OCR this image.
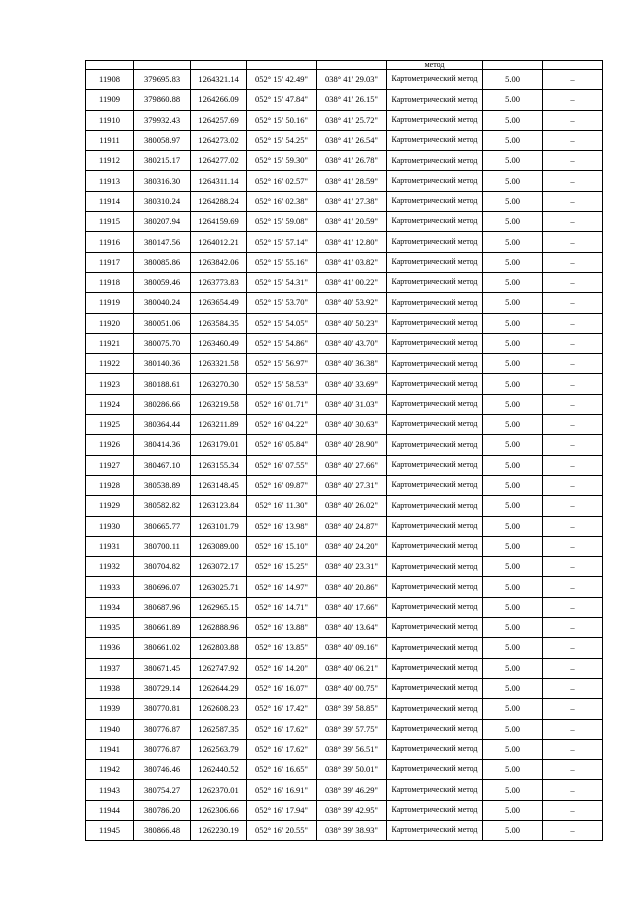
					метод		
11908	379695.83	1264321.14	052° 15' 42.49"	038° 41' 29.03"	Картометрический метод	5.00	–
11909	379860.88	1264266.09	052° 15' 47.84"	038° 41' 26.15"	Картометрический метод	5.00	–
11910	379932.43	1264257.69	052° 15' 50.16"	038° 41' 25.72"	Картометрический метод	5.00	–
11911	380058.97	1264273.02	052° 15' 54.25"	038° 41' 26.54"	Картометрический метод	5.00	–
11912	380215.17	1264277.02	052° 15' 59.30"	038° 41' 26.78"	Картометрический метод	5.00	–
11913	380316.30	1264311.14	052° 16' 02.57"	038° 41' 28.59"	Картометрический метод	5.00	–
11914	380310.24	1264288.24	052° 16' 02.38"	038° 41' 27.38"	Картометрический метод	5.00	–
11915	380207.94	1264159.69	052° 15' 59.08"	038° 41' 20.59"	Картометрический метод	5.00	–
11916	380147.56	1264012.21	052° 15' 57.14"	038° 41' 12.80"	Картометрический метод	5.00	–
11917	380085.86	1263842.06	052° 15' 55.16"	038° 41' 03.82"	Картометрический метод	5.00	–
11918	380059.46	1263773.83	052° 15' 54.31"	038° 41' 00.22"	Картометрический метод	5.00	–
11919	380040.24	1263654.49	052° 15' 53.70"	038° 40' 53.92"	Картометрический метод	5.00	–
11920	380051.06	1263584.35	052° 15' 54.05"	038° 40' 50.23"	Картометрический метод	5.00	–
11921	380075.70	1263460.49	052° 15' 54.86"	038° 40' 43.70"	Картометрический метод	5.00	–
11922	380140.36	1263321.58	052° 15' 56.97"	038° 40' 36.38"	Картометрический метод	5.00	–
11923	380188.61	1263270.30	052° 15' 58.53"	038° 40' 33.69"	Картометрический метод	5.00	–
11924	380286.66	1263219.58	052° 16' 01.71"	038° 40' 31.03"	Картометрический метод	5.00	–
11925	380364.44	1263211.89	052° 16' 04.22"	038° 40' 30.63"	Картометрический метод	5.00	–
11926	380414.36	1263179.01	052° 16' 05.84"	038° 40' 28.90"	Картометрический метод	5.00	–
11927	380467.10	1263155.34	052° 16' 07.55"	038° 40' 27.66"	Картометрический метод	5.00	–
11928	380538.89	1263148.45	052° 16' 09.87"	038° 40' 27.31"	Картометрический метод	5.00	–
11929	380582.82	1263123.84	052° 16' 11.30"	038° 40' 26.02"	Картометрический метод	5.00	–
11930	380665.77	1263101.79	052° 16' 13.98"	038° 40' 24.87"	Картометрический метод	5.00	–
11931	380700.11	1263089.00	052° 16' 15.10"	038° 40' 24.20"	Картометрический метод	5.00	–
11932	380704.82	1263072.17	052° 16' 15.25"	038° 40' 23.31"	Картометрический метод	5.00	–
11933	380696.07	1263025.71	052° 16' 14.97"	038° 40' 20.86"	Картометрический метод	5.00	–
11934	380687.96	1262965.15	052° 16' 14.71"	038° 40' 17.66"	Картометрический метод	5.00	–
11935	380661.89	1262888.96	052° 16' 13.88"	038° 40' 13.64"	Картометрический метод	5.00	–
11936	380661.02	1262803.88	052° 16' 13.85"	038° 40' 09.16"	Картометрический метод	5.00	–
11937	380671.45	1262747.92	052° 16' 14.20"	038° 40' 06.21"	Картометрический метод	5.00	–
11938	380729.14	1262644.29	052° 16' 16.07"	038° 40' 00.75"	Картометрический метод	5.00	–
11939	380770.81	1262608.23	052° 16' 17.42"	038° 39' 58.85"	Картометрический метод	5.00	–
11940	380776.87	1262587.35	052° 16' 17.62"	038° 39' 57.75"	Картометрический метод	5.00	–
11941	380776.87	1262563.79	052° 16' 17.62"	038° 39' 56.51"	Картометрический метод	5.00	–
11942	380746.46	1262440.52	052° 16' 16.65"	038° 39' 50.01"	Картометрический метод	5.00	–
11943	380754.27	1262370.01	052° 16' 16.91"	038° 39' 46.29"	Картометрический метод	5.00	–
11944	380786.20	1262306.66	052° 16' 17.94"	038° 39' 42.95"	Картометрический метод	5.00	–
11945	380866.48	1262230.19	052° 16' 20.55"	038° 39' 38.93"	Картометрический метод	5.00	–
